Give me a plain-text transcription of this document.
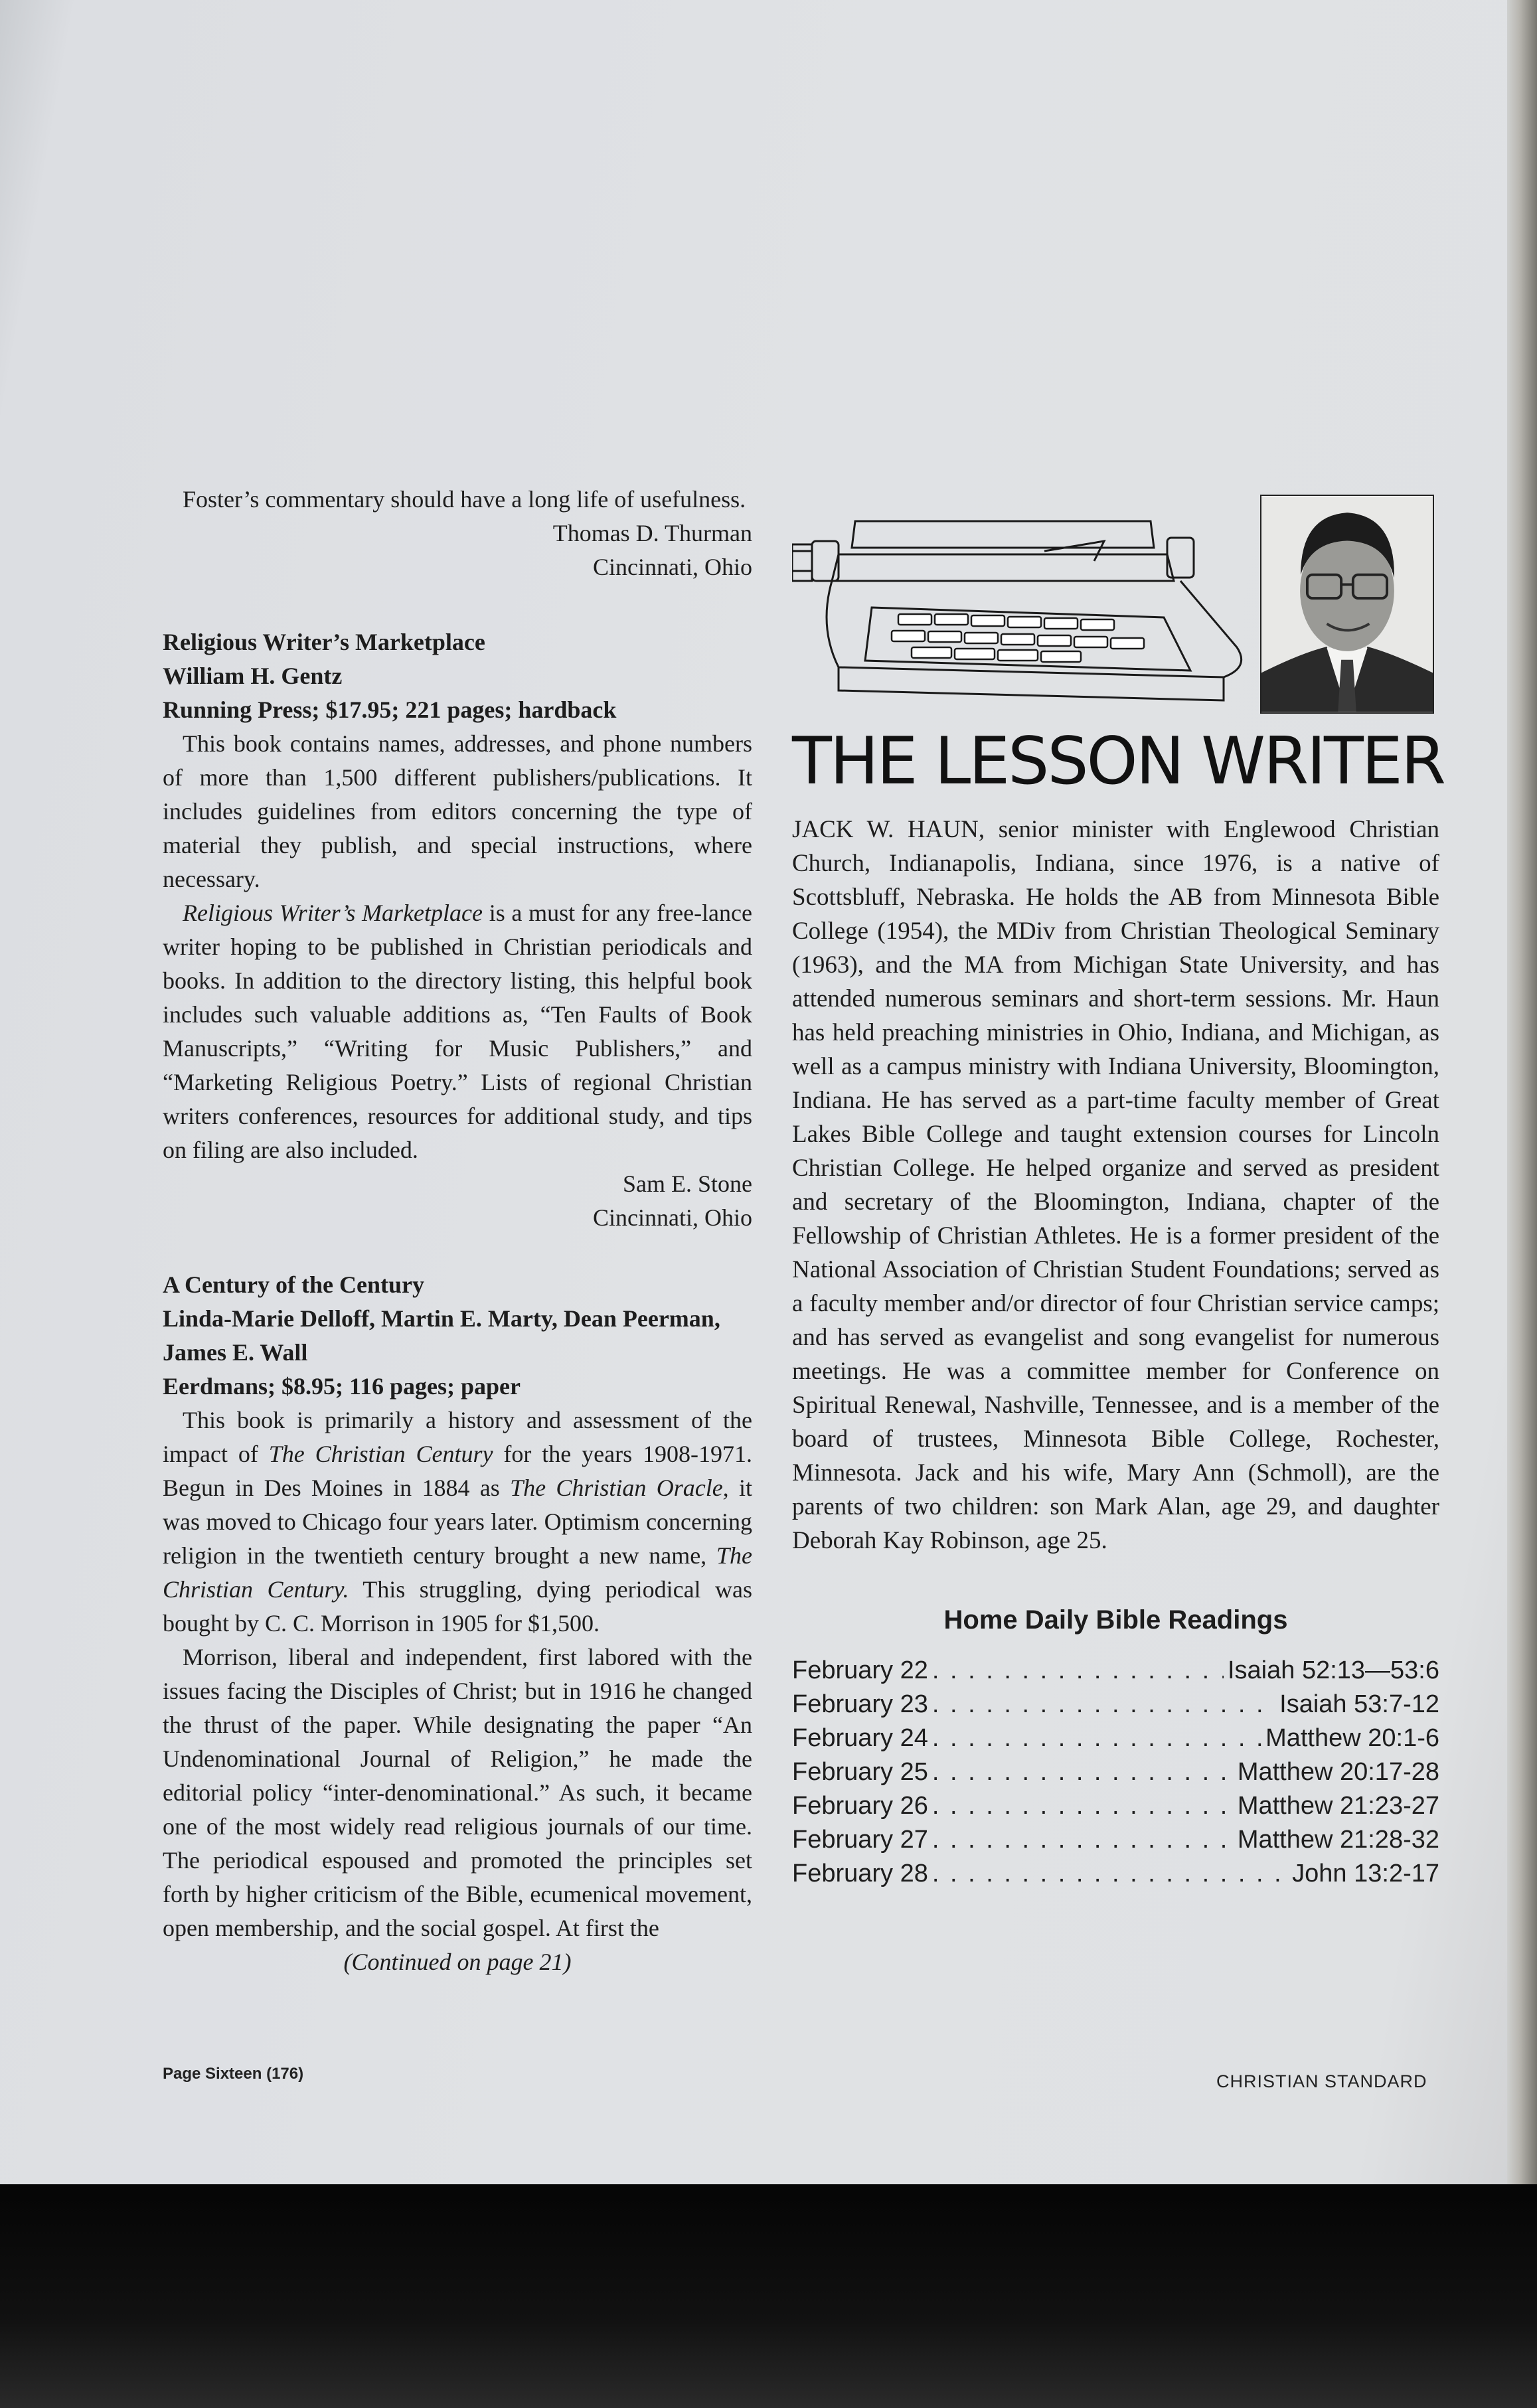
Foster’s commentary should have a long life of usefulness.

Thomas D. Thurman
Cincinnati, Ohio
Religious Writer’s Marketplace
William H. Gentz
Running Press; $17.95; 221 pages; hardback

This book contains names, addresses, and phone numbers of more than 1,500 different publishers/publications. It includes guidelines from editors concerning the type of material they publish, and special instructions, where necessary.

Religious Writer’s Marketplace is a must for any free-lance writer hoping to be published in Christian periodicals and books. In addition to the directory listing, this helpful book includes such valuable additions as, “Ten Faults of Book Manuscripts,” “Writing for Music Publishers,” and “Marketing Religious Poetry.” Lists of regional Christian writers conferences, resources for additional study, and tips on filing are also included.

Sam E. Stone
Cincinnati, Ohio
A Century of the Century
Linda-Marie Delloff, Martin E. Marty, Dean Peerman, James E. Wall
Eerdmans; $8.95; 116 pages; paper

This book is primarily a history and assessment of the impact of The Christian Century for the years 1908-1971. Begun in Des Moines in 1884 as The Christian Oracle, it was moved to Chicago four years later. Optimism concerning religion in the twentieth century brought a new name, The Christian Century. This struggling, dying periodical was bought by C. C. Morrison in 1905 for $1,500.

Morrison, liberal and independent, first labored with the issues facing the Disciples of Christ; but in 1916 he changed the thrust of the paper. While designating the paper “An Undenominational Journal of Religion,” he made the editorial policy “inter-denominational.” As such, it became one of the most widely read religious journals of our time. The periodical espoused and promoted the principles set forth by higher criticism of the Bible, ecumenical movement, open membership, and the social gospel. At first the

(Continued on page 21)
THE LESSON WRITER

JACK W. HAUN, senior minister with Englewood Christian Church, Indianapolis, Indiana, since 1976, is a native of Scottsbluff, Nebraska. He holds the AB from Minnesota Bible College (1954), the MDiv from Christian Theological Seminary (1963), and the MA from Michigan State University, and has attended numerous seminars and short-term sessions. Mr. Haun has held preaching ministries in Ohio, Indiana, and Michigan, as well as a campus ministry with Indiana University, Bloomington, Indiana. He has served as a part-time faculty member of Great Lakes Bible College and taught extension courses for Lincoln Christian College. He helped organize and served as president and secretary of the Bloomington, Indiana, chapter of the Fellowship of Christian Athletes. He is a former president of the National Association of Christian Student Foundations; served as a faculty member and/or director of four Christian service camps; and has served as evangelist and song evangelist for numerous meetings. He was a committee member for Conference on Spiritual Renewal, Nashville, Tennessee, and is a member of the board of trustees, Minnesota Bible College, Rochester, Minnesota. Jack and his wife, Mary Ann (Schmoll), are the parents of two children: son Mark Alan, age 29, and daughter Deborah Kay Robinson, age 25.

Home Daily Bible Readings
February 22 . . .	Isaiah 52:13—53:6
February 23 . . .	Isaiah 53:7-12
February 24 . . .	Matthew 20:1-6
February 25 . . .	Matthew 20:17-28
February 26 . . .	Matthew 21:23-27
February 27 . . .	Matthew 21:28-32
February 28 . . .	John 13:2-17
Page Sixteen (176)	CHRISTIAN STANDARD
